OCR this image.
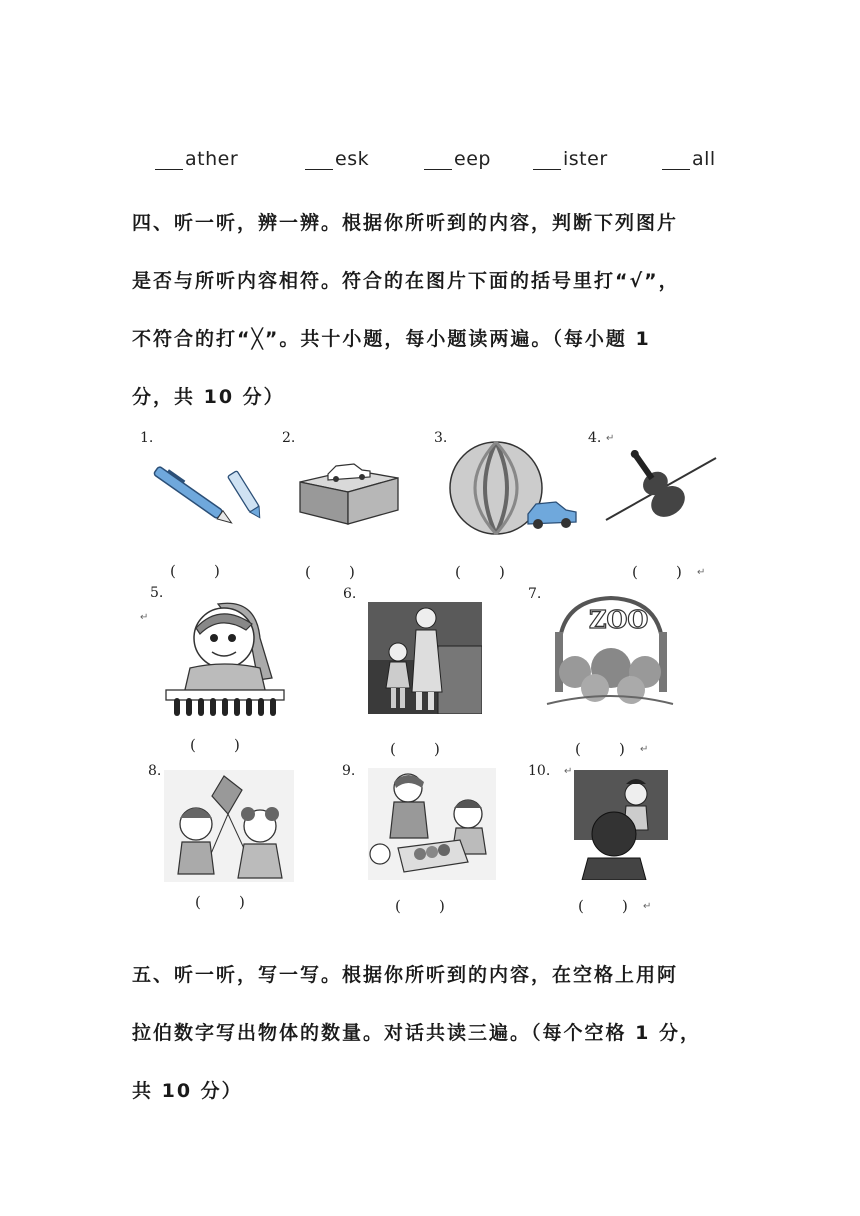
ather	esk	eep	ister	all
四、听一听，辨一辨。根据你所听到的内容，判断下列图片
是否与所听内容相符。符合的在图片下面的括号里打“√”，
不符合的打“╳”。共十小题，每小题读两遍。（每小题 1
分，共 10 分）
1.	2.	3.	4. ↵
(        )	(        )	(        )	(        ) ↵
5.
↵
6.	7.
ZOO
(        )	(        )	(        ) ↵
8.	9.	10. ↵
(        )	(        )	(        ) ↵
五、听一听，写一写。根据你所听到的内容，在空格上用阿
拉伯数字写出物体的数量。对话共读三遍。（每个空格 1 分，
共 10 分）
